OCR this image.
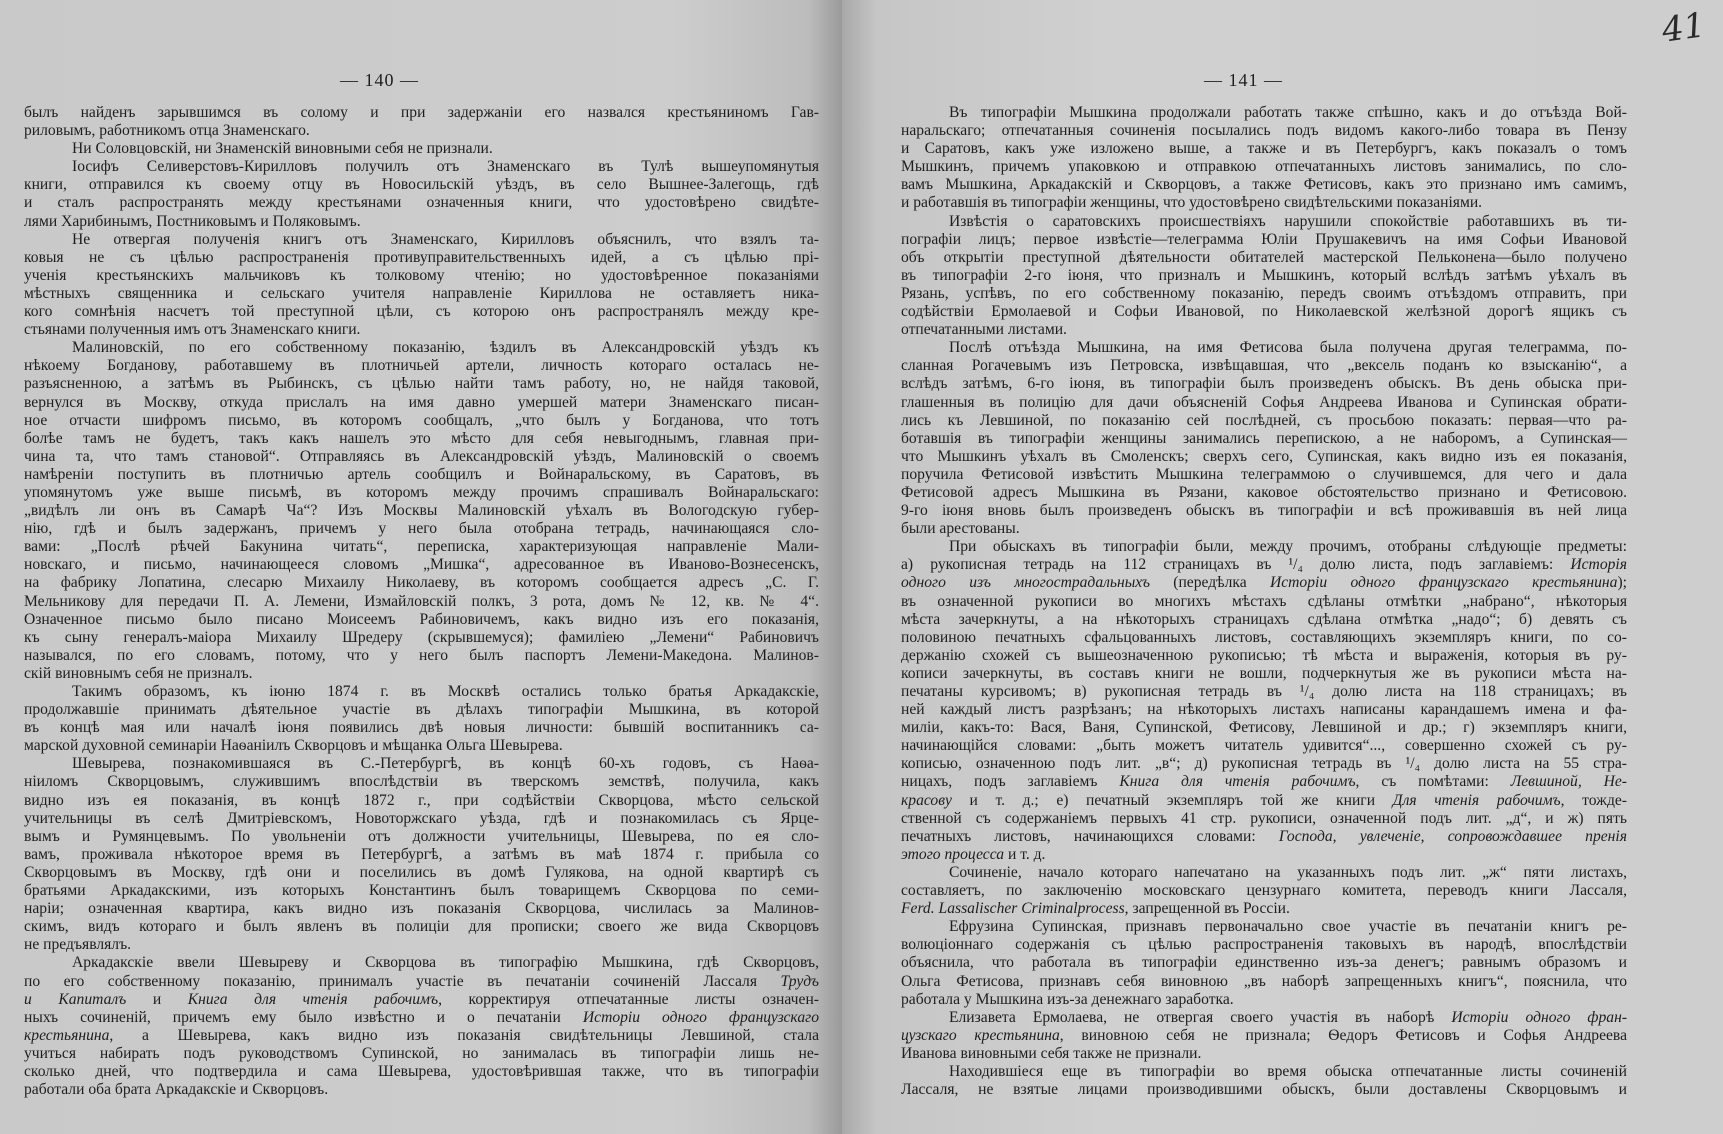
— 140 —
былъ найденъ зарывшимся въ солому и при задержаніи его назвался крестьяниномъ Гав-
риловымъ, работникомъ отца Знаменскаго.
Ни Соловцовскій, ни Знаменскій виновными себя не признали.
Іосифъ Селиверстовъ-Кирилловъ получилъ отъ Знаменскаго въ Тулѣ вышеупомянутыя
книги, отправился къ своему отцу въ Новосильскій уѣздъ, въ село Вышнее-Залегощь, гдѣ
и сталъ распространять между крестьянами означенныя книги, что удостовѣрено свидѣте-
лями Харибинымъ, Постниковымъ и Поляковымъ.
Не отвергая полученія книгъ отъ Знаменскаго, Кирилловъ объяснилъ, что взялъ та-
ковыя не съ цѣлью распространенія противуправительственныхъ идей, а съ цѣлью прі-
ученія крестьянскихъ мальчиковъ къ толковому чтенію; но удостовѣренное показаніями
мѣстныхъ священника и сельскаго учителя направленіе Кириллова не оставляетъ ника-
кого сомнѣнія насчетъ той преступной цѣли, съ которою онъ распространялъ между кре-
стьянами полученныя имъ отъ Знаменскаго книги.
Малиновскій, по его собственному показанію, ѣздилъ въ Александровскій уѣздъ къ
нѣкоему Богданову, работавшему въ плотничьей артели, личность котораго осталась не-
разъясненною, а затѣмъ въ Рыбинскъ, съ цѣлью найти тамъ работу, но, не найдя таковой,
вернулся въ Москву, откуда прислалъ на имя давно умершей матери Знаменскаго писан-
ное отчасти шифромъ письмо, въ которомъ сообщалъ, „что былъ у Богданова, что тотъ
болѣе тамъ не будетъ, такъ какъ нашелъ это мѣсто для себя невыгоднымъ, главная при-
чина та, что тамъ становой“. Отправляясь въ Александровскій уѣздъ, Малиновскій о своемъ
намѣреніи поступить въ плотничью артель сообщилъ и Войнаральскому, въ Саратовъ, въ
упомянутомъ уже выше письмѣ, въ которомъ между прочимъ спрашивалъ Войнаральскаго:
„видѣлъ ли онъ въ Самарѣ Ча“? Изъ Москвы Малиновскій уѣхалъ въ Вологодскую губер-
нію, гдѣ и былъ задержанъ, причемъ у него была отобрана тетрадь, начинающаяся сло-
вами: „Послѣ рѣчей Бакунина читать“, переписка, характеризующая направленіе Мали-
новскаго, и письмо, начинающееся словомъ „Мишка“, адресованное въ Иваново-Вознесенскъ,
на фабрику Лопатина, слесарю Михаилу Николаеву, въ которомъ сообщается адресъ „С. Г.
Мельникову для передачи П. А. Лемени, Измайловскій полкъ, 3 рота, домъ № 12, кв. № 4“.
Означенное письмо было писано Моисеемъ Рабиновичемъ, какъ видно изъ его показанія,
къ сыну генералъ-маіора Михаилу Шредеру (скрывшемуся); фамиліею „Лемени“ Рабиновичъ
назывался, по его словамъ, потому, что у него былъ паспортъ Лемени-Македона. Малинов-
скій виновнымъ себя не призналъ.
Такимъ образомъ, къ іюню 1874 г. въ Москвѣ остались только братья Аркадакскіе,
продолжавшіе принимать дѣятельное участіе въ дѣлахъ типографіи Мышкина, въ которой
въ концѣ мая или началѣ іюня появились двѣ новыя личности: бывшій воспитанникъ са-
марской духовной семинаріи Наѳаніилъ Скворцовъ и мѣщанка Ольга Шевырева.
Шевырева, познакомившаяся въ С.-Петербургѣ, въ концѣ 60-хъ годовъ, съ Наѳа-
ніиломъ Скворцовымъ, служившимъ впослѣдствіи въ тверскомъ земствѣ, получила, какъ
видно изъ ея показанія, въ концѣ 1872 г., при содѣйствіи Скворцова, мѣсто сельской
учительницы въ селѣ Дмитріевскомъ, Новоторжскаго уѣзда, гдѣ и познакомилась съ Ярце-
вымъ и Румянцевымъ. По увольненіи отъ должности учительницы, Шевырева, по ея сло-
вамъ, проживала нѣкоторое время въ Петербургѣ, а затѣмъ въ маѣ 1874 г. прибыла со
Скворцовымъ въ Москву, гдѣ они и поселились въ домѣ Гулякова, на одной квартирѣ съ
братьями Аркадакскими, изъ которыхъ Константинъ былъ товарищемъ Скворцова по семи-
наріи; означенная квартира, какъ видно изъ показанія Скворцова, числилась за Малинов-
скимъ, видъ котораго и былъ явленъ въ полиціи для прописки; своего же вида Скворцовъ
не предъявлялъ.
Аркадакскіе ввели Шевыреву и Скворцова въ типографію Мышкина, гдѣ Скворцовъ,
по его собственному показанію, принималъ участіе въ печатаніи сочиненій Лассаля Трудъ
и Капиталъ и Книга для чтенія рабочимъ, корректируя отпечатанные листы означен-
ныхъ сочиненій, причемъ ему было извѣстно и о печатаніи Исторіи одного французскаго
крестьянина, а Шевырева, какъ видно изъ показанія свидѣтельницы Левшиной, стала
учиться набирать подъ руководствомъ Супинской, но занималась въ типографіи лишь не-
сколько дней, что подтвердила и сама Шевырева, удостовѣрившая также, что въ типографіи
работали оба брата Аркадакскіе и Скворцовъ.
— 141 —
41
Въ типографіи Мышкина продолжали работать также спѣшно, какъ и до отъѣзда Вой-
наральскаго; отпечатанныя сочиненія посылались подъ видомъ какого-либо товара въ Пензу
и Саратовъ, какъ уже изложено выше, а также и въ Петербургъ, какъ показалъ о томъ
Мышкинъ, причемъ упаковкою и отправкою отпечатанныхъ листовъ занимались, по сло-
вамъ Мышкина, Аркадакскій и Скворцовъ, а также Фетисовъ, какъ это признано имъ самимъ,
и работавшія въ типографіи женщины, что удостовѣрено свидѣтельскими показаніями.
Извѣстія о саратовскихъ происшествіяхъ нарушили спокойствіе работавшихъ въ ти-
пографіи лицъ; первое извѣстіе—телеграмма Юліи Прушакевичъ на имя Софьи Ивановой
объ открытіи преступной дѣятельности обитателей мастерской Пельконена—было получено
въ типографіи 2-го іюня, что призналъ и Мышкинъ, который вслѣдъ затѣмъ уѣхалъ въ
Рязань, успѣвъ, по его собственному показанію, передъ своимъ отъѣздомъ отправить, при
содѣйствіи Ермолаевой и Софьи Ивановой, по Николаевской желѣзной дорогѣ ящикъ съ
отпечатанными листами.
Послѣ отъѣзда Мышкина, на имя Фетисова была получена другая телеграмма, по-
сланная Рогачевымъ изъ Петровска, извѣщавшая, что „вексель поданъ ко взысканію“, а
вслѣдъ затѣмъ, 6-го іюня, въ типографіи былъ произведенъ обыскъ. Въ день обыска при-
глашенныя въ полицію для дачи объясненій Софья Андреева Иванова и Супинская обрати-
лись къ Левшиной, по показанію сей послѣдней, съ просьбою показать: первая—что ра-
ботавшія въ типографіи женщины занимались перепискою, а не наборомъ, а Супинская—
что Мышкинъ уѣхалъ въ Смоленскъ; сверхъ сего, Супинская, какъ видно изъ ея показанія,
поручила Фетисовой извѣстить Мышкина телеграммою о случившемся, для чего и дала
Фетисовой адресъ Мышкина въ Рязани, каковое обстоятельство признано и Фетисовою.
9-го іюня вновь былъ произведенъ обыскъ въ типографіи и всѣ проживавшія въ ней лица
были арестованы.
При обыскахъ въ типографіи были, между прочимъ, отобраны слѣдующіе предметы:
а) рукописная тетрадь на 112 страницахъ въ ¹/₄ долю листа, подъ заглавіемъ: Исторія
одного изъ многострадальныхъ (передѣлка Исторіи одного французскаго крестьянина);
въ означенной рукописи во многихъ мѣстахъ сдѣланы отмѣтки „набрано“, нѣкоторыя
мѣста зачеркнуты, а на нѣкоторыхъ страницахъ сдѣлана отмѣтка „надо“; б) девять съ
половиною печатныхъ сфальцованныхъ листовъ, составляющихъ экземпляръ книги, по со-
держанію схожей съ вышеозначенною рукописью; тѣ мѣста и выраженія, которыя въ ру-
кописи зачеркнуты, въ составъ книги не вошли, подчеркнутыя же въ рукописи мѣста на-
печатаны курсивомъ; в) рукописная тетрадь въ ¹/₄ долю листа на 118 страницахъ; въ
ней каждый листъ разрѣзанъ; на нѣкоторыхъ листахъ написаны карандашемъ имена и фа-
миліи, какъ-то: Вася, Ваня, Супинской, Фетисову, Левшиной и др.; г) экземпляръ книги,
начинающійся словами: „быть можетъ читатель удивится“..., совершенно схожей съ ру-
кописью, означенною подъ лит. „в“; д) рукописная тетрадь въ ¹/₄ долю листа на 55 стра-
ницахъ, подъ заглавіемъ Книга для чтенія рабочимъ, съ помѣтами: Левшиной, Не-
красову и т. д.; е) печатный экземпляръ той же книги Для чтенія рабочимъ, тожде-
ственной съ содержаніемъ первыхъ 41 стр. рукописи, означенной подъ лит. „д“, и ж) пять
печатныхъ листовъ, начинающихся словами: Господа, увлеченіе, сопровождавшее пренія
этого процесса и т. д.
Сочиненіе, начало котораго напечатано на указанныхъ подъ лит. „ж“ пяти листахъ,
составляетъ, по заключенію московскаго цензурнаго комитета, переводъ книги Лассаля,
Ferd. Lassalischer Criminalprocess, запрещенной въ Россіи.
Ефрузина Супинская, признавъ первоначально свое участіе въ печатаніи книгъ ре-
волюціоннаго содержанія съ цѣлью распространенія таковыхъ въ народѣ, впослѣдствіи
объяснила, что работала въ типографіи единственно изъ-за денегъ; равнымъ образомъ и
Ольга Фетисова, признавъ себя виновною „въ наборѣ запрещенныхъ книгъ“, пояснила, что
работала у Мышкина изъ-за денежнаго заработка.
Елизавета Ермолаева, не отвергая своего участія въ наборѣ Исторіи одного фран-
цузскаго крестьянина, виновною себя не признала; Ѳедоръ Фетисовъ и Софья Андреева
Иванова виновными себя также не признали.
Находившіеся еще въ типографіи во время обыска отпечатанные листы сочиненій
Лассаля, не взятые лицами производившими обыскъ, были доставлены Скворцовымъ и
